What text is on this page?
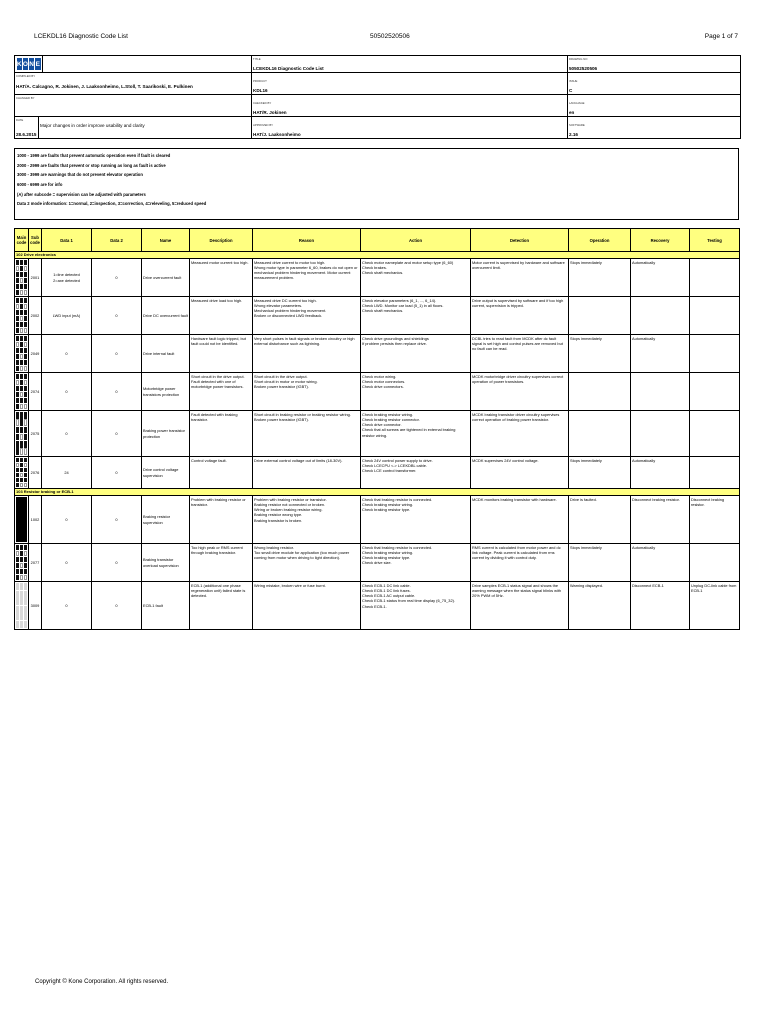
LCEKDL16 Diagnostic Code List	50502520506	Page 1 of 7
K O N E
TITLE
LCEKDL16 Diagnostic Code List
DRAWING NO
50502520506
COMPILED BY
HAT/A. Calcagno, R. Jokinen, J. Laaksonheimo, L.Stoll, T. Saarikoski, E. Pulkinen
PRODUCT
KDL16
ISSUE
C
CHANGED BY
CHECKED BY
HAT/R. Jokinen
LANGUAGE
en
DATE
28.6.2015
Major changes in order improve usability and clarity	APPROVED BY
HAT/J. Laaksonheimo
SOFTWARE
2.16
1000 - 1999 are faults that prevent automatic operation even if fault is cleared
2000 - 2999 are faults that prevent or stop running as long as fault is active
3000 - 3999 are warnings that do not prevent elevator operation
6000 - 6999 are for info
(A) after subcode = supervision can be adjusted with parameters
Data 2 mode information: 1=normal, 2=inspection, 3=correction, 4=releveling, 5=reduced speed
Main code	Sub code	Data 1	Data 2	Name	Description	Reason	Action	Detection	Operation	Recovery	Testing
102 Drive electronics											

	2001	1=line detected
2=axe detected	0	Drive overcurrent fault	Measured motor current too high.	Measured drive current to motor too high.
Wrong motor type in parameter 6_60, brakes do not open or mechanical problem hindering movement. Motor current measurement problem.	Check motor nameplate and motor setup type (6_60)
Check brakes.
Check shaft mechanics.	Motor current is supervised by hardware and software overcurrent limit.	Stops immediately	Automatically	

	2002	LWD input (mA)	0	Drive DC overcurrent fault	Measured drive load too high.	Measured drive DC current too high.
Wrong elevator parameters.
Mechanical problem hindering movement.
Broken or disconnected LWD feedback.	Check elevator parameters (6_1, ..., 6_14).
Check LWD. Monitor car load (5_1) in all floors.
Check shaft mechanics.	Drive output is supervised by software and if too high current, supervision is tripped.			

	2049	0	0	Drive internal fault	Hardware fault logic tripped, but fault could not be identified.	Very short pulses in fault signals or broken circuitry or high external disturbance such as lightning.	Check drive groundings and shieldings
If problem persists then replace drive.	DCBL tries to read fault from MCDK after dc fault signal is set high and control pulses are removed but no fault can be read.	Stops immediately	Automatically	

	2074	0	0	Motorbridge power transistors protection	Short circuit in the drive output.
Fault detected with one of motorbridge power transistors.	Short circuit in the drive output.
Short circuit in motor or motor wiring.
Broken power transistor (IGBT).	Check motor wiring.
Check motor connectors.
Check drive connectors.	MCDK motorbridge driver circuitry supervises correct operation of power transistors.			

	2075	0	0	Braking power transistor protection	Fault detected with braking transistor.	Short circuit in braking resistor or braking resistor wiring.
Broken power transistor (IGBT).	Check braking resistor wiring.
Check braking resistor connector.
Check drive connector.
Check that all screws are tightened in external braking resistor wiring.	MCDK braking transistor driver circuitry supervises correct operation of braking power transistor.			

	2076	24	0	Drive control voltage supervision	Control voltage fault.	Drive external control voltage out of limits (18-30V).	Check 24V control power supply to drive.
Check LCECPU <-> LCEKDBL cable.
Check LCE control transformer.	MCDK supervises 24V control voltage.	Stops immediately	Automatically	
103 Resistor braking or ECB-1											

	1002	0	0	Braking resistor supervision	Problem with braking resistor or transistor.	Problem with braking resistor or transistor.
Braking resistor not connected or broken.
Wiring or broken braking resistor wiring.
Braking resistor wrong type.
Braking transistor is broken.	Check that braking resistor is connected.
Check braking resistor wiring.
Check braking resistor type.	MCDK monitors braking transistor with hardware.	Drive is faulted.	Disconnect braking resistor.	Disconnect braking resistor.

	2077	0	0	Braking transistor overload supervision	Too high peak or RMS current through braking transistor.	Wrong braking resistor.
Too small drive module for application (too much power coming from motor when driving to light direction).	Check that braking resistor is connected.
Check braking resistor wiring.
Check braking resistor type.
Check drive size.	RMS current is calculated from motor power and dc link voltage. Peak current is calculated from rms current by dividing it with control duty.	Stops immediately	Automatically	

	3009	0	0	ECB-1 fault	ECB-1 (additional one phase regeneration unit) failed state is detected.	Wiring mistake, broken wire or fuse burnt.	Check ECB-1 DC link cable.
Check ECB-1 DC link fuses.
Check ECB-1 AC output cable.
Check ECB-1 status from real time display (6_75_32).
Check ECB-1.	Drive samples ECB-1 status signal and shows the warning message when the status signal blinks with 20% PWM of 5Hz.	Warning displayed.	Disconnect ECB-1	Unplug DC-link cable from ECB-1
Copyright © Kone Corporation. All rights reserved.
